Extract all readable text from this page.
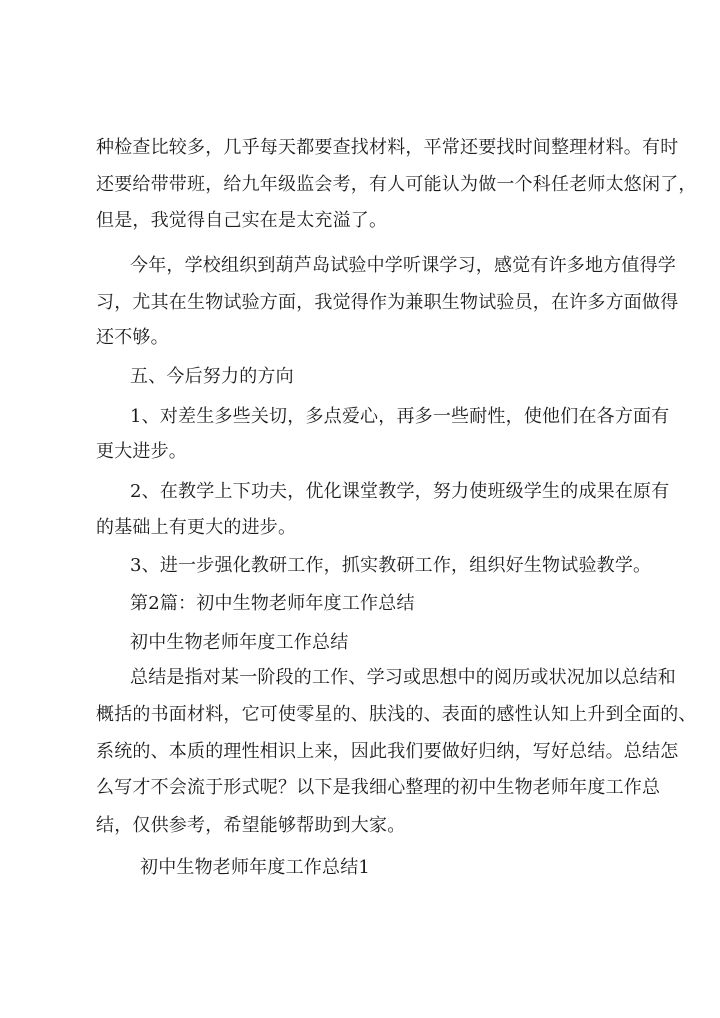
种检查比较多，几乎每天都要查找材料，平常还要找时间整理材料。有时
还要给带带班，给九年级监会考，有人可能认为做一个科任老师太悠闲了，
但是，我觉得自己实在是太充溢了。
今年，学校组织到葫芦岛试验中学听课学习，感觉有许多地方值得学
习，尤其在生物试验方面，我觉得作为兼职生物试验员，在许多方面做得
还不够。
五、今后努力的方向
1、对差生多些关切，多点爱心，再多一些耐性，使他们在各方面有
更大进步。
2、在教学上下功夫，优化课堂教学，努力使班级学生的成果在原有
的基础上有更大的进步。
3、进一步强化教研工作，抓实教研工作，组织好生物试验教学。
第2篇：初中生物老师年度工作总结
初中生物老师年度工作总结
总结是指对某一阶段的工作、学习或思想中的阅历或状况加以总结和
概括的书面材料，它可使零星的、肤浅的、表面的感性认知上升到全面的、
系统的、本质的理性相识上来，因此我们要做好归纳，写好总结。总结怎
么写才不会流于形式呢？以下是我细心整理的初中生物老师年度工作总
结，仅供参考，希望能够帮助到大家。
初中生物老师年度工作总结1
